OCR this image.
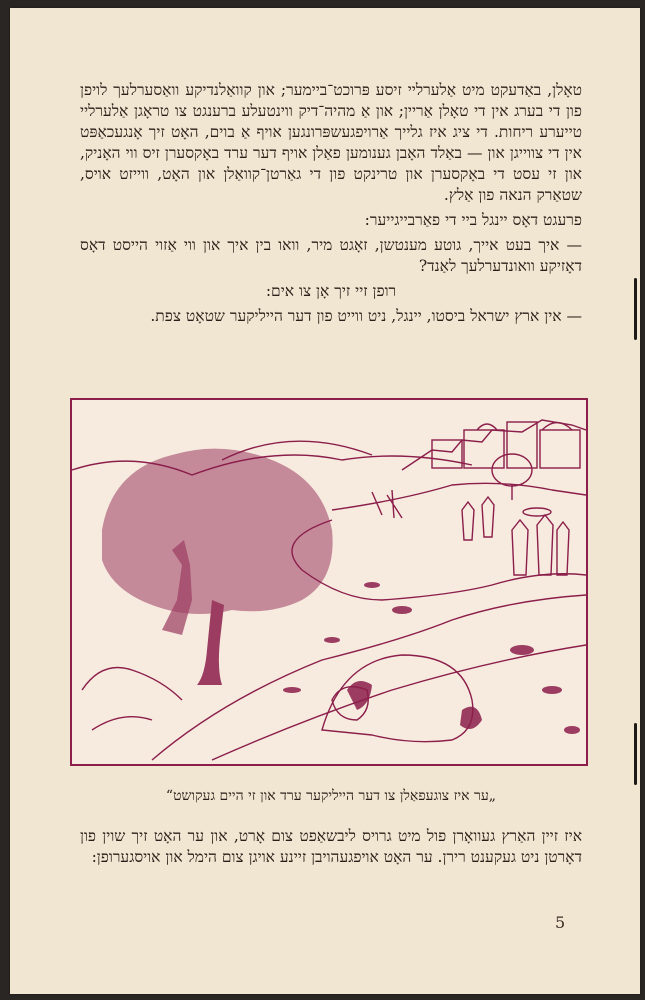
טאָלן, באַדעקט מיט אַלערליי זיסע פּרוכט־ביימער; און קוואַלנדיקע וואַסערלעך לויפן פון די בערג אין די טאָלן אַריין; און אַ מהיה־דיק ווינטעלע ברענגט צו טראָגן אַלערליי טייערע ריחות. די ציג איז גלייך אַרויפגעשפּרונגען אויף אַ בוים, האָט זיך אָנגעכאַפּט אין די צווייגן און — באַלד האָבן גענומען פאַלן אויף דער ערד באָקסערן זיס ווי האָניק, און זי עסט די באָקסערן און טרינקט פון די גאַרטן־קוואַלן און האָט, ווייזט אויס, שטאַרק הנאה פון אַלץ.

פרעגט דאָס יינגל ביי די פאַרבייגייער:

— איך בעט אייך, גוטע מענטשן, זאָגט מיר, וואו בין איך און ווי אַזוי הייסט דאָס דאָזיקע וואונדערלעך לאַנד?

רופן זיי זיך אָן צו אים:

— אין ארץ ישראל ביסטו, יינגל, ניט ווייט פון דער הייליקער שטאָט צפת.

„ער איז צוגעפאַלן צו דער הייליקער ערד און זי היים געקושט“

איז זיין האַרץ געוואָרן פול מיט גרויס ליבשאַפט צום אָרט, און ער האָט זיך שוין פון דאָרטן ניט געקענט רירן. ער האָט אויפגעהויבן זיינע אויגן צום הימל און אויסגערופן:

5
